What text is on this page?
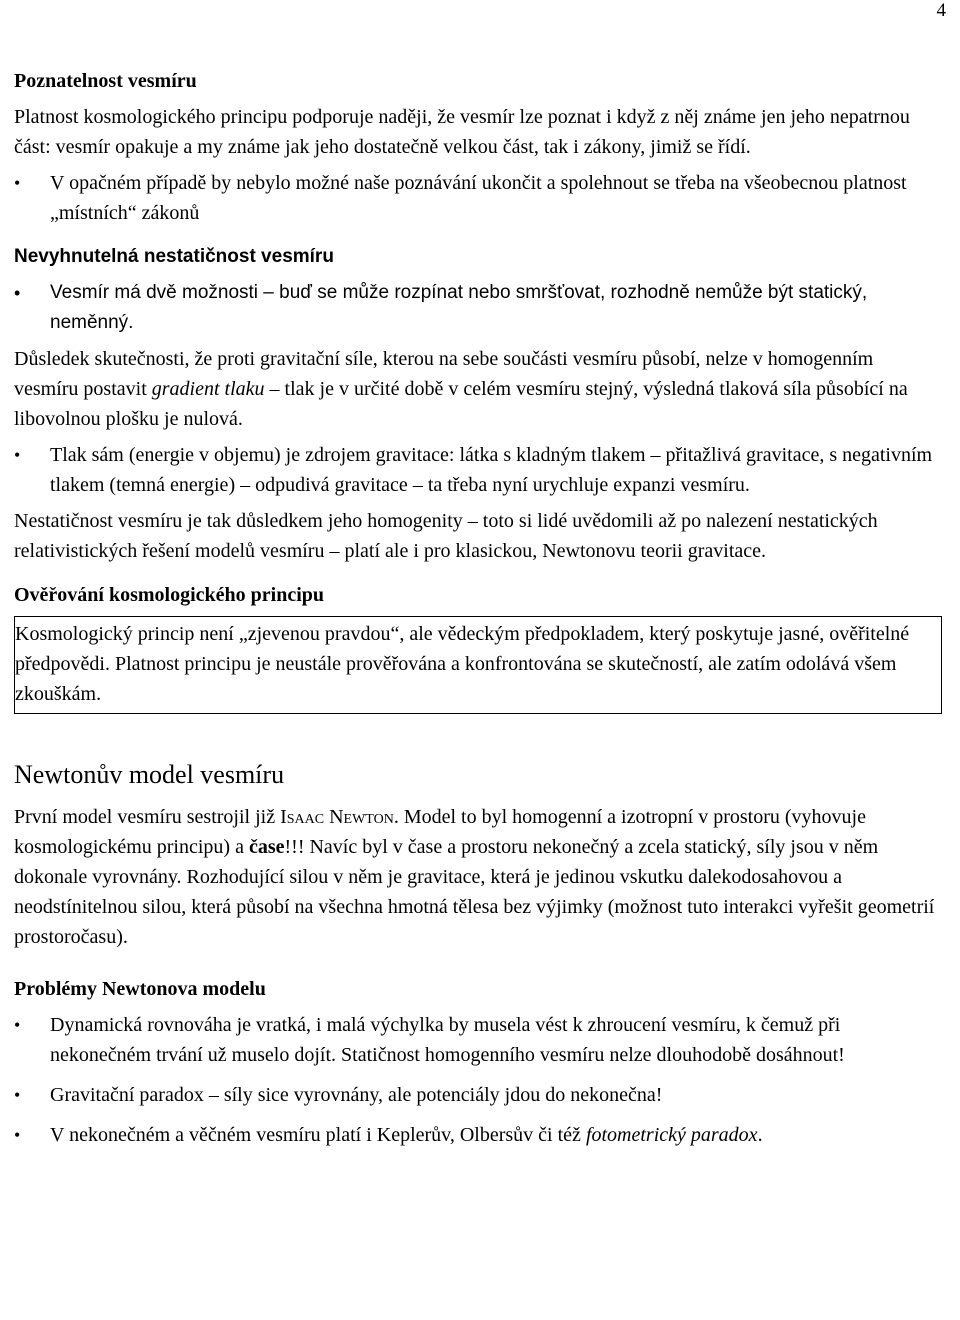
4
Poznatelnost vesmíru

Platnost kosmologického principu podporuje naději, že vesmír lze poznat i když z něj známe jen jeho nepatrnou část: vesmír opakuje a my známe jak jeho dostatečně velkou část, tak i zákony, jimiž se řídí.

• V opačném případě by nebylo možné naše poznávání ukončit a spolehnout se třeba na všeobecnou platnost „místních“ zákonů
Nevyhnutelná nestatičnost vesmíru
• Vesmír má dvě možnosti – buď se může rozpínat nebo smršťovat, rozhodně nemůže být statický, neměnný.

Důsledek skutečnosti, že proti gravitační síle, kterou na sebe součásti vesmíru působí, nelze v homogenním vesmíru postavit gradient tlaku – tlak je v určité době v celém vesmíru stejný, výsledná tlaková síla působící na libovolnou plošku je nulová.

• Tlak sám (energie v objemu) je zdrojem gravitace: látka s kladným tlakem – přitažlivá gravitace, s negativním tlakem (temná energie) – odpudivá gravitace – ta třeba nyní urychluje expanzi vesmíru.

Nestatičnost vesmíru je tak důsledkem jeho homogenity – toto si lidé uvědomili až po nalezení nestatických relativistických řešení modelů vesmíru – platí ale i pro klasickou, Newtonovu teorii gravitace.

Ověřování kosmologického principu

Kosmologický princip není „zjevenou pravdou“, ale vědeckým předpokladem, který poskytuje jasné, ověřitelné předpovědi. Platnost principu je neustále prověřována a konfrontována se skutečností, ale zatím odolává všem zkouškám.

Newtonův model vesmíru

První model vesmíru sestrojil již Isaac Newton. Model to byl homogenní a izotropní v prostoru (vyhovuje kosmologickému principu) a čase!!! Navíc byl v čase a prostoru nekonečný a zcela statický, síly jsou v něm dokonale vyrovnány. Rozhodující silou v něm je gravitace, která je jedinou vskutku dalekodosahovou a neodstínitelnou silou, která působí na všechna hmotná tělesa bez výjimky (možnost tuto interakci vyřešit geometrií prostoročasu).

Problémy Newtonova modelu
• Dynamická rovnováha je vratká, i malá výchylka by musela vést k zhroucení vesmíru, k čemuž při nekonečném trvání už muselo dojít. Statičnost homogenního vesmíru nelze dlouhodobě dosáhnout!
• Gravitační paradox – síly sice vyrovnány, ale potenciály jdou do nekonečna!
• V nekonečném a věčném vesmíru platí i Keplerův, Olbersův či též fotometrický paradox.
